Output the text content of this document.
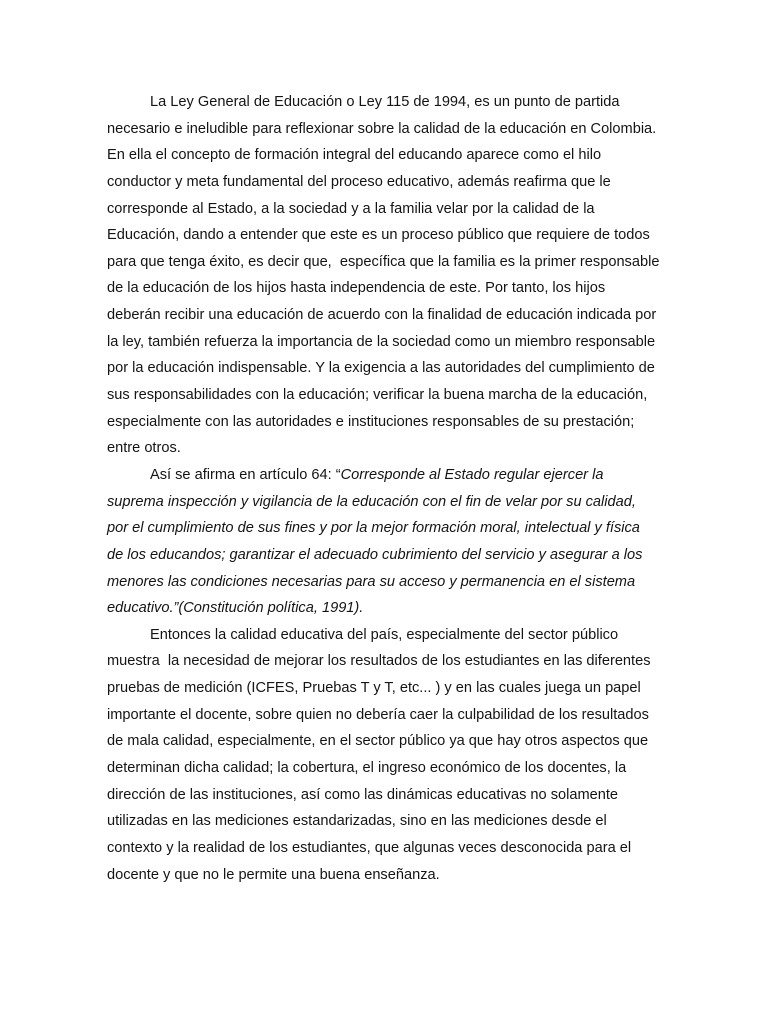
La Ley General de Educación o Ley 115 de 1994, es un punto de partida
necesario e ineludible para reflexionar sobre la calidad de la educación en Colombia.
En ella el concepto de formación integral del educando aparece como el hilo
conductor y meta fundamental del proceso educativo, además reafirma que le
corresponde al Estado, a la sociedad y a la familia velar por la calidad de la
Educación, dando a entender que este es un proceso público que requiere de todos
para que tenga éxito, es decir que,  específica que la familia es la primer responsable
de la educación de los hijos hasta independencia de este. Por tanto, los hijos
deberán recibir una educación de acuerdo con la finalidad de educación indicada por
la ley, también refuerza la importancia de la sociedad como un miembro responsable
por la educación indispensable. Y la exigencia a las autoridades del cumplimiento de
sus responsabilidades con la educación; verificar la buena marcha de la educación,
especialmente con las autoridades e instituciones responsables de su prestación;
entre otros.
Así se afirma en artículo 64: “Corresponde al Estado regular ejercer la
suprema inspección y vigilancia de la educación con el fin de velar por su calidad,
por el cumplimiento de sus fines y por la mejor formación moral, intelectual y física
de los educandos; garantizar el adecuado cubrimiento del servicio y asegurar a los
menores las condiciones necesarias para su acceso y permanencia en el sistema
educativo.”(Constitución política, 1991).
Entonces la calidad educativa del país, especialmente del sector público
muestra  la necesidad de mejorar los resultados de los estudiantes en las diferentes
pruebas de medición (ICFES, Pruebas T y T, etc... ) y en las cuales juega un papel
importante el docente, sobre quien no debería caer la culpabilidad de los resultados
de mala calidad, especialmente, en el sector público ya que hay otros aspectos que
determinan dicha calidad; la cobertura, el ingreso económico de los docentes, la
dirección de las instituciones, así como las dinámicas educativas no solamente
utilizadas en las mediciones estandarizadas, sino en las mediciones desde el
contexto y la realidad de los estudiantes, que algunas veces desconocida para el
docente y que no le permite una buena enseñanza.
